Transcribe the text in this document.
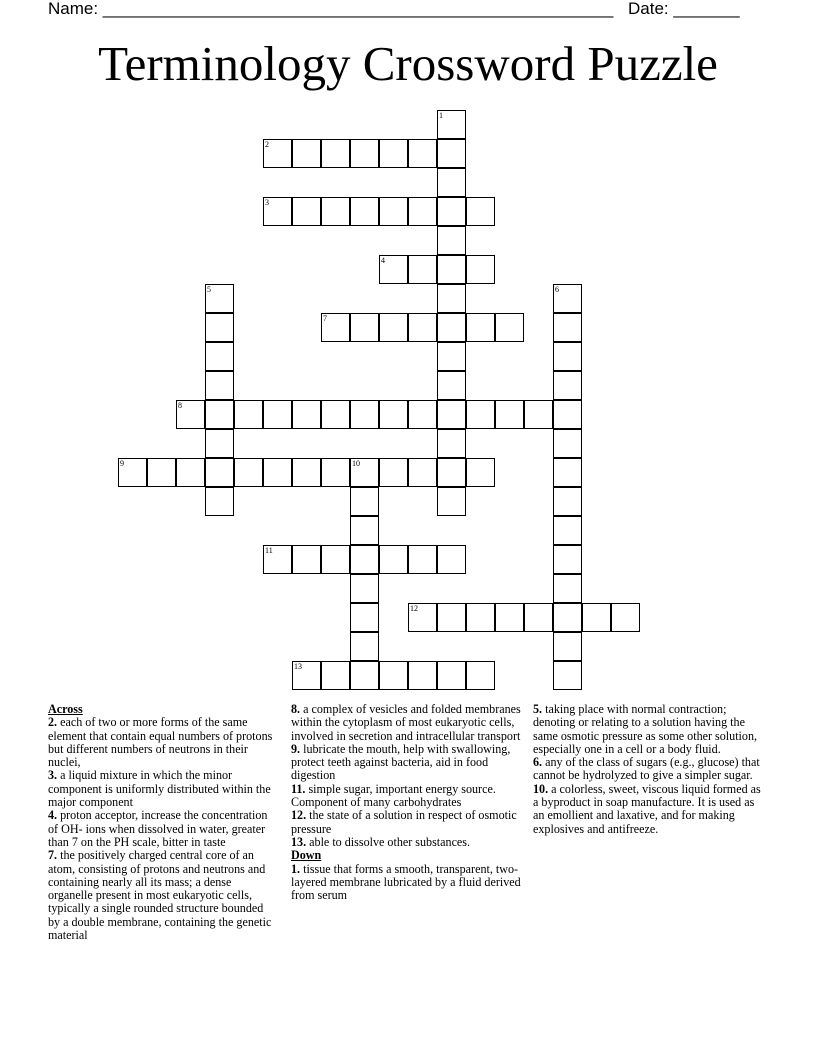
Name: ______________________________________________________ Date: _______
Terminology Crossword Puzzle
1
2
3
4
5	6
7
8
9	10
11
12
13
Across
2. each of two or more forms of the same element that contain equal numbers of protons but different numbers of neutrons in their nuclei,
3. a liquid mixture in which the minor component is uniformly distributed within the major component
4. proton acceptor, increase the concentration of OH- ions when dissolved in water, greater than 7 on the PH scale, bitter in taste
7. the positively charged central core of an atom, consisting of protons and neutrons and containing nearly all its mass; a dense organelle present in most eukaryotic cells, typically a single rounded structure bounded by a double membrane, containing the genetic material
8. a complex of vesicles and folded membranes within the cytoplasm of most eukaryotic cells, involved in secretion and intracellular transport
9. lubricate the mouth, help with swallowing, protect teeth against bacteria, aid in food digestion
11. simple sugar, important energy source. Component of many carbohydrates
12. the state of a solution in respect of osmotic pressure
13. able to dissolve other substances.
Down
1. tissue that forms a smooth, transparent, two-layered membrane lubricated by a fluid derived from serum
5. taking place with normal contraction; denoting or relating to a solution having the same osmotic pressure as some other solution, especially one in a cell or a body fluid.
6. any of the class of sugars (e.g., glucose) that cannot be hydrolyzed to give a simpler sugar.
10. a colorless, sweet, viscous liquid formed as a byproduct in soap manufacture. It is used as an emollient and laxative, and for making explosives and antifreeze.
